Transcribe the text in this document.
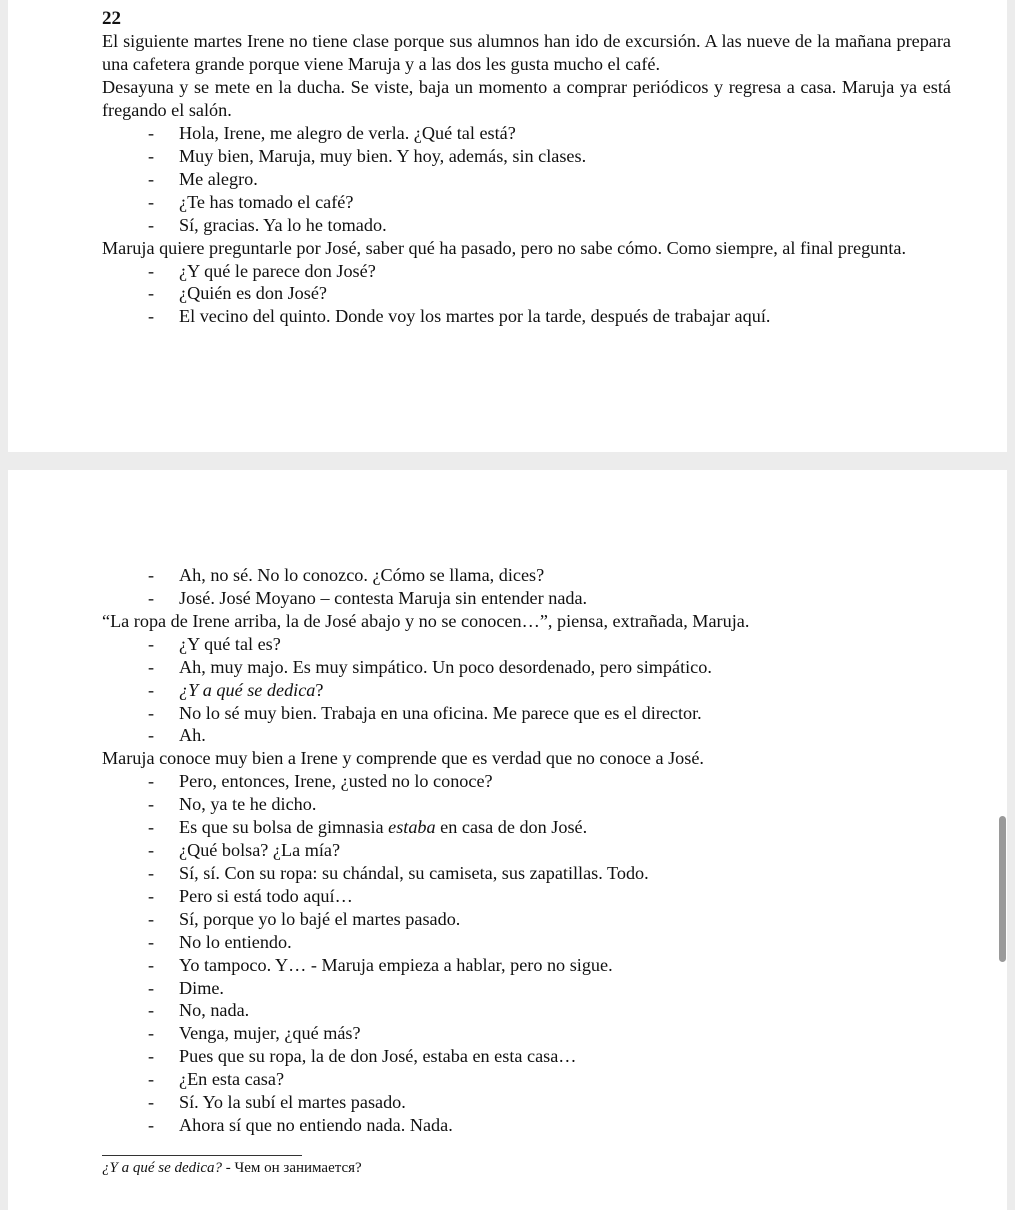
22

El siguiente martes Irene no tiene clase porque sus alumnos han ido de excursión. A las nueve de la mañana prepara una cafetera grande porque viene Maruja y a las dos les gusta mucho el café.

Desayuna y se mete en la ducha. Se viste, baja un momento a comprar periódicos y regresa a casa. Maruja ya está fregando el salón.

- Hola, Irene, me alegro de verla. ¿Qué tal está?
- Muy bien, Maruja, muy bien. Y hoy, además, sin clases.
- Me alegro.
- ¿Te has tomado el café?
- Sí, gracias. Ya lo he tomado.

Maruja quiere preguntarle por José, saber qué ha pasado, pero no sabe cómo. Como siempre, al final pregunta.

- ¿Y qué le parece don José?
- ¿Quién es don José?
- El vecino del quinto. Donde voy los martes por la tarde, después de trabajar aquí.
- Ah, no sé. No lo conozco. ¿Cómo se llama, dices?
- José. José Moyano – contesta Maruja sin entender nada.

“La ropa de Irene arriba, la de José abajo y no se conocen…”, piensa, extrañada, Maruja.

- ¿Y qué tal es?
- Ah, muy majo. Es muy simpático. Un poco desordenado, pero simpático.
- ¿Y a qué se dedica?
- No lo sé muy bien. Trabaja en una oficina. Me parece que es el director.
- Ah.

Maruja conoce muy bien a Irene y comprende que es verdad que no conoce a José.

- Pero, entonces, Irene, ¿usted no lo conoce?
- No, ya te he dicho.
- Es que su bolsa de gimnasia estaba en casa de don José.
- ¿Qué bolsa? ¿La mía?
- Sí, sí. Con su ropa: su chándal, su camiseta, sus zapatillas. Todo.
- Pero si está todo aquí…
- Sí, porque yo lo bajé el martes pasado.
- No lo entiendo.
- Yo tampoco. Y… - Maruja empieza a hablar, pero no sigue.
- Dime.
- No, nada.
- Venga, mujer, ¿qué más?
- Pues que su ropa, la de don José, estaba en esta casa…
- ¿En esta casa?
- Sí. Yo la subí el martes pasado.
- Ahora sí que no entiendo nada. Nada.
¿Y a qué se dedica? - Чем он занимается?
